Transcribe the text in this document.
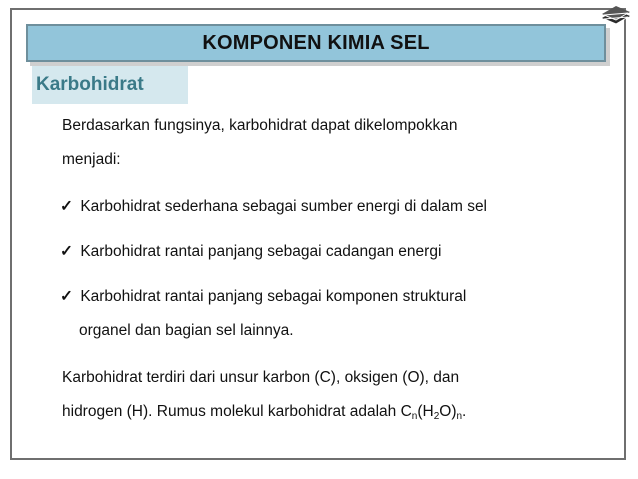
KOMPONEN KIMIA SEL
Karbohidrat
Berdasarkan fungsinya, karbohidrat dapat dikelompokkan
menjadi:
✓ Karbohidrat sederhana sebagai sumber energi di dalam sel
✓ Karbohidrat rantai panjang sebagai cadangan energi
✓ Karbohidrat rantai panjang sebagai komponen struktural
organel dan bagian sel lainnya.
Karbohidrat terdiri dari unsur karbon (C), oksigen (O), dan
hidrogen (H). Rumus molekul karbohidrat adalah $C_n(H_2O)_n$.
